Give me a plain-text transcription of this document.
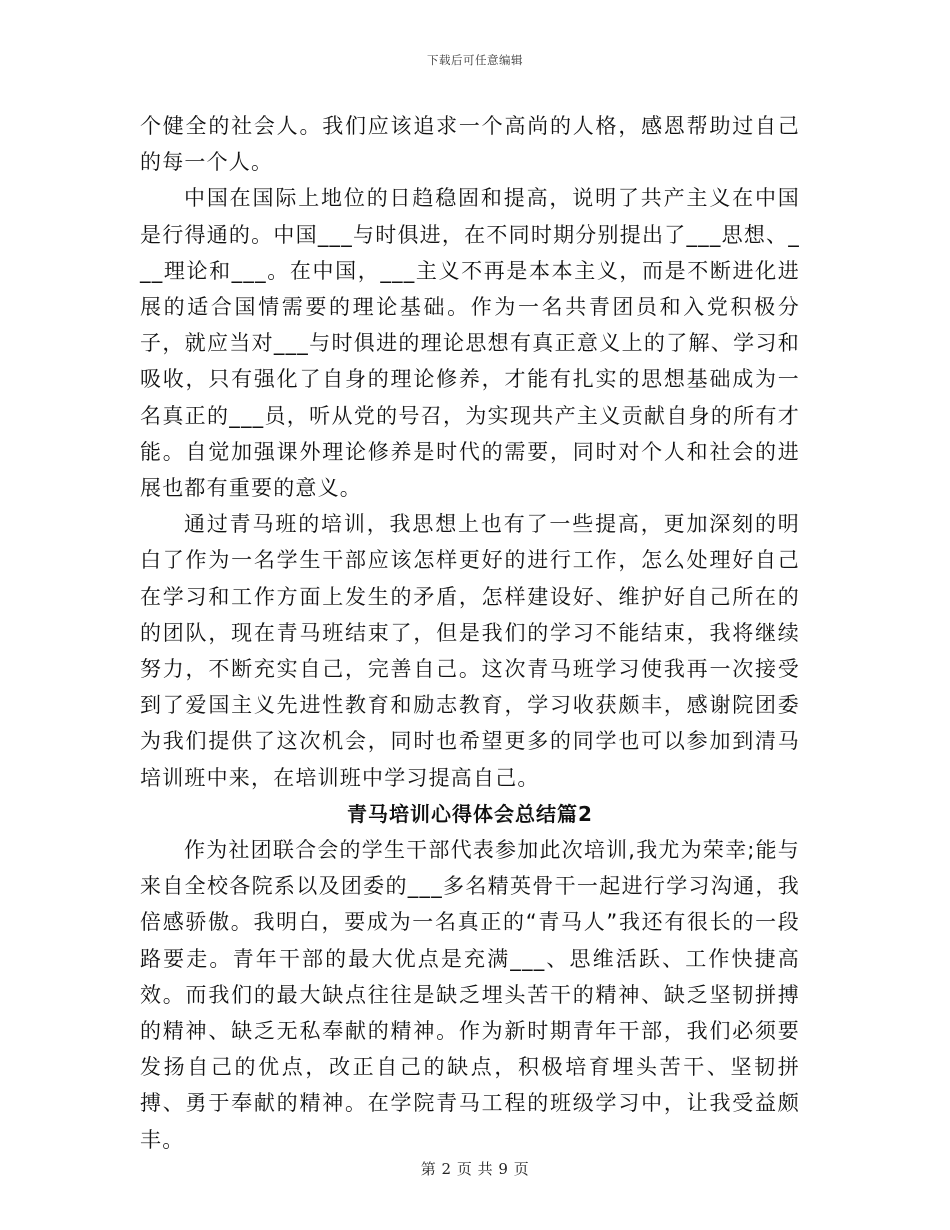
下载后可任意编辑

个健全的社会人。我们应该追求一个高尚的人格，感恩帮助过自己的每一个人。

中国在国际上地位的日趋稳固和提高，说明了共产主义在中国是行得通的。中国___与时俱进，在不同时期分别提出了___思想、___理论和___。在中国，___主义不再是本本主义，而是不断进化进展的适合国情需要的理论基础。作为一名共青团员和入党积极分子，就应当对___与时俱进的理论思想有真正意义上的了解、学习和吸收，只有强化了自身的理论修养，才能有扎实的思想基础成为一名真正的___员，听从党的号召，为实现共产主义贡献自身的所有才能。自觉加强课外理论修养是时代的需要，同时对个人和社会的进展也都有重要的意义。

通过青马班的培训，我思想上也有了一些提高，更加深刻的明白了作为一名学生干部应该怎样更好的进行工作，怎么处理好自己在学习和工作方面上发生的矛盾，怎样建设好、维护好自己所在的的团队，现在青马班结束了，但是我们的学习不能结束，我将继续努力，不断充实自己，完善自己。这次青马班学习使我再一次接受到了爱国主义先进性教育和励志教育，学习收获颇丰，感谢院团委为我们提供了这次机会，同时也希望更多的同学也可以参加到清马培训班中来，在培训班中学习提高自己。

青马培训心得体会总结篇2

作为社团联合会的学生干部代表参加此次培训,我尤为荣幸;能与来自全校各院系以及团委的___多名精英骨干一起进行学习沟通，我倍感骄傲。我明白，要成为一名真正的“青马人”我还有很长的一段路要走。青年干部的最大优点是充满___、思维活跃、工作快捷高效。而我们的最大缺点往往是缺乏埋头苦干的精神、缺乏坚韧拼搏的精神、缺乏无私奉献的精神。作为新时期青年干部，我们必须要发扬自己的优点，改正自己的缺点，积极培育埋头苦干、坚韧拼搏、勇于奉献的精神。在学院青马工程的班级学习中，让我受益颇丰。

第 2 页 共 9 页
